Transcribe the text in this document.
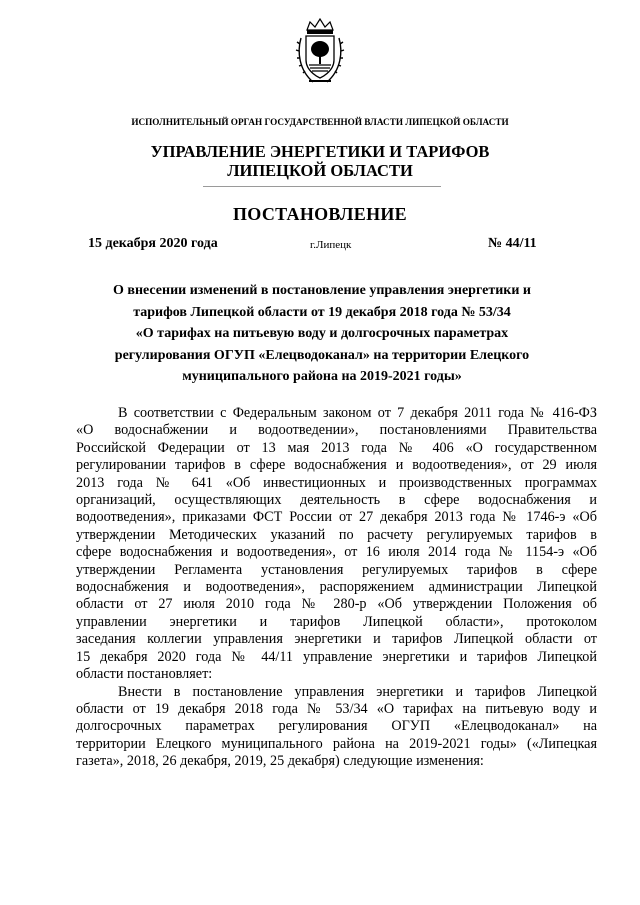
ИСПОЛНИТЕЛЬНЫЙ ОРГАН ГОСУДАРСТВЕННОЙ ВЛАСТИ ЛИПЕЦКОЙ ОБЛАСТИ
УПРАВЛЕНИЕ ЭНЕРГЕТИКИ И ТАРИФОВ
ЛИПЕЦКОЙ ОБЛАСТИ
ПОСТАНОВЛЕНИЕ
15 декабря 2020 года	г.Липецк	№ 44/11
О внесении изменений в постановление управления энергетики и
тарифов Липецкой области от 19 декабря 2018 года № 53/34
«О тарифах на питьевую воду и долгосрочных параметрах
регулирования ОГУП «Елецводоканал» на территории Елецкого
муниципального района на 2019-2021 годы»
В соответствии с Федеральным законом от 7 декабря 2011 года № 416-ФЗ
«О водоснабжении и водоотведении», постановлениями Правительства
Российской Федерации от 13 мая 2013 года № 406 «О государственном
регулировании тарифов в сфере водоснабжения и водоотведения», от 29 июля
2013 года № 641 «Об инвестиционных и производственных программах
организаций, осуществляющих деятельность в сфере водоснабжения и
водоотведения», приказами ФСТ России от 27 декабря 2013 года № 1746-э «Об
утверждении Методических указаний по расчету регулируемых тарифов в
сфере водоснабжения и водоотведения», от 16 июля 2014 года № 1154-э «Об
утверждении Регламента установления регулируемых тарифов в сфере
водоснабжения и водоотведения», распоряжением администрации Липецкой
области от 27 июля 2010 года № 280-р «Об утверждении Положения об
управлении энергетики и тарифов Липецкой области», протоколом
заседания коллегии управления энергетики и тарифов Липецкой области от
15 декабря 2020 года № 44/11 управление энергетики и тарифов Липецкой
области постановляет:
Внести в постановление управления энергетики и тарифов Липецкой
области от 19 декабря 2018 года № 53/34 «О тарифах на питьевую воду и
долгосрочных параметрах регулирования ОГУП «Елецводоканал» на
территории Елецкого муниципального района на 2019-2021 годы» («Липецкая
газета», 2018, 26 декабря, 2019, 25 декабря) следующие изменения:
